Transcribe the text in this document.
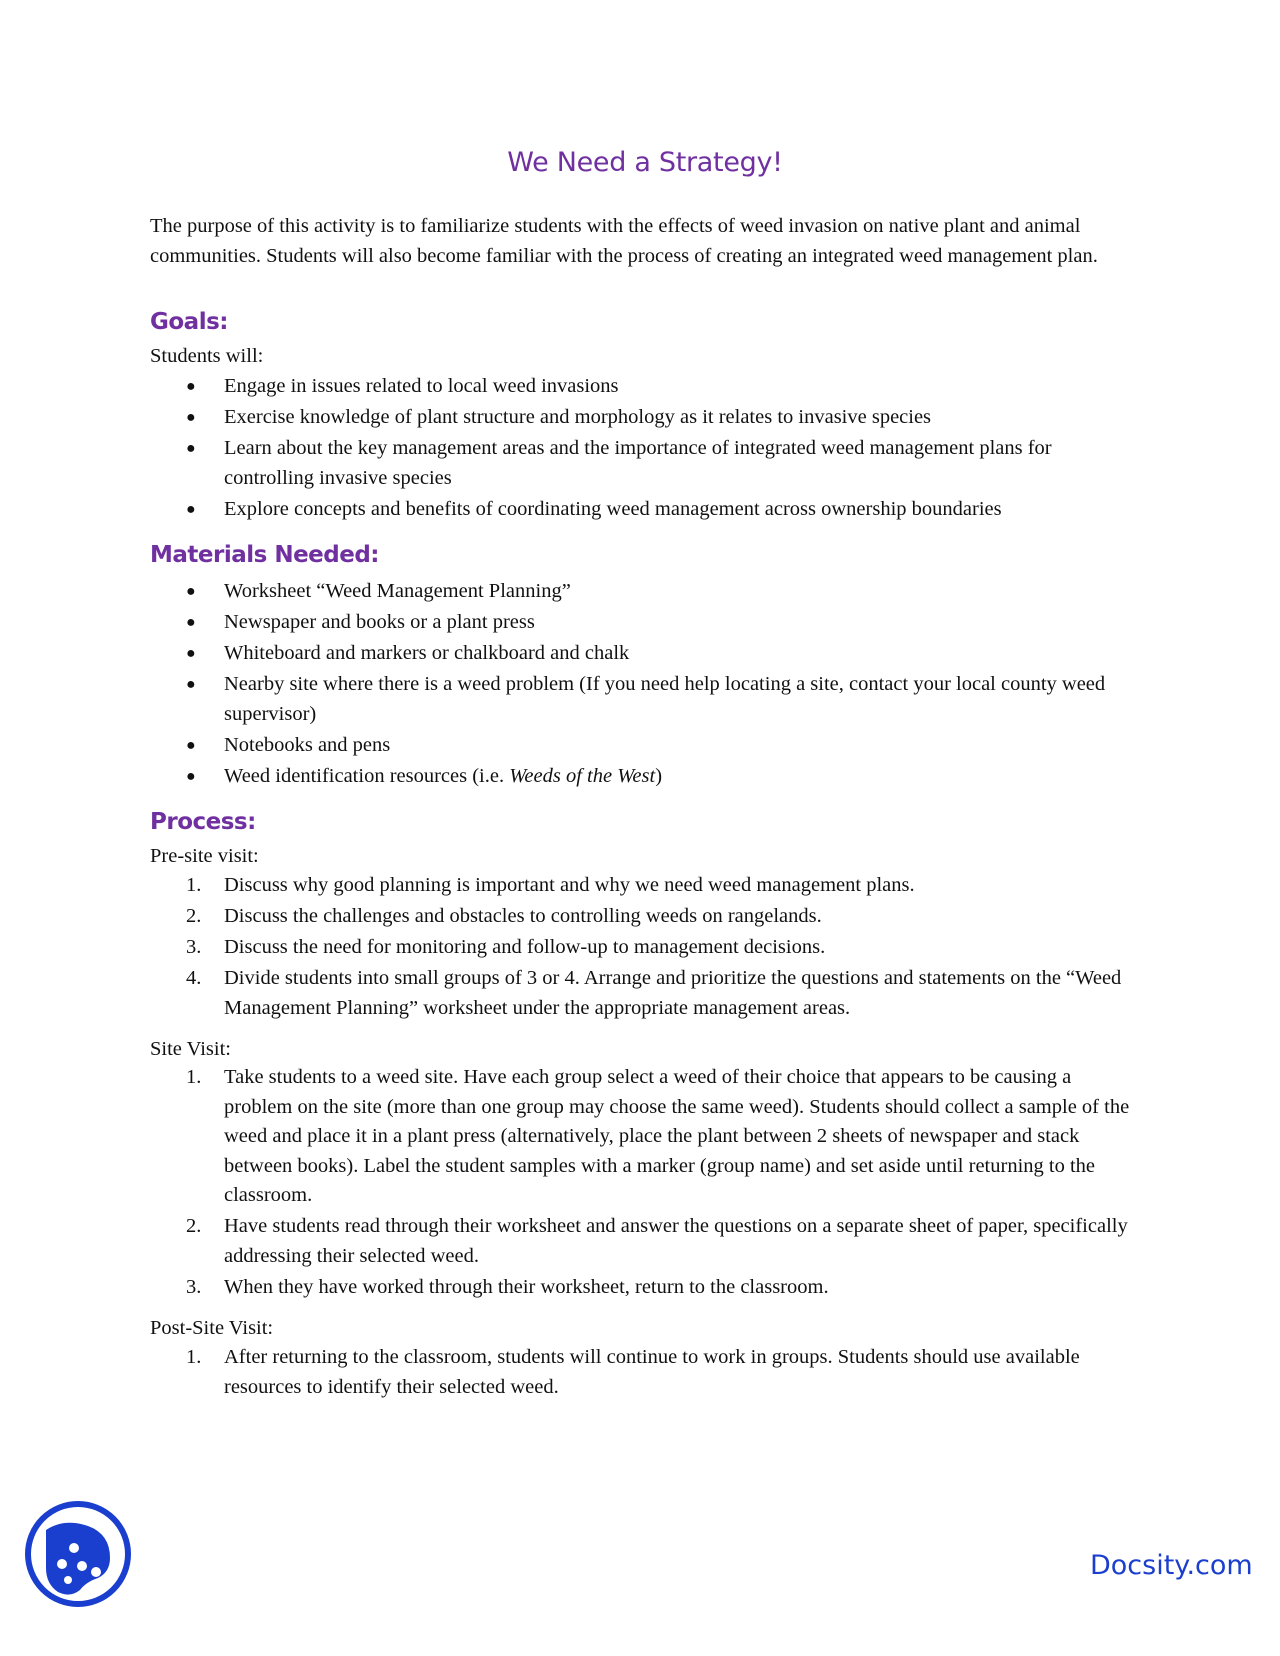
We Need a Strategy!

The purpose of this activity is to familiarize students with the effects of weed invasion on native plant and animal communities. Students will also become familiar with the process of creating an integrated weed management plan.

Goals:

Students will:

● Engage in issues related to local weed invasions
● Exercise knowledge of plant structure and morphology as it relates to invasive species
● Learn about the key management areas and the importance of integrated weed management plans for controlling invasive species
● Explore concepts and benefits of coordinating weed management across ownership boundaries
Materials Needed:
● Worksheet “Weed Management Planning”
● Newspaper and books or a plant press
● Whiteboard and markers or chalkboard and chalk
● Nearby site where there is a weed problem (If you need help locating a site, contact your local county weed supervisor)
● Notebooks and pens
● Weed identification resources (i.e. Weeds of the West)
Process:

Pre-site visit:

1. Discuss why good planning is important and why we need weed management plans.
2. Discuss the challenges and obstacles to controlling weeds on rangelands.
3. Discuss the need for monitoring and follow-up to management decisions.
4. Divide students into small groups of 3 or 4. Arrange and prioritize the questions and statements on the “Weed Management Planning” worksheet under the appropriate management areas.

Site Visit:

1. Take students to a weed site. Have each group select a weed of their choice that appears to be causing a problem on the site (more than one group may choose the same weed). Students should collect a sample of the weed and place it in a plant press (alternatively, place the plant between 2 sheets of newspaper and stack between books). Label the student samples with a marker (group name) and set aside until returning to the classroom.
2. Have students read through their worksheet and answer the questions on a separate sheet of paper, specifically addressing their selected weed.
3. When they have worked through their worksheet, return to the classroom.

Post-Site Visit:

1. After returning to the classroom, students will continue to work in groups. Students should use available resources to identify their selected weed.
Docsity.com
